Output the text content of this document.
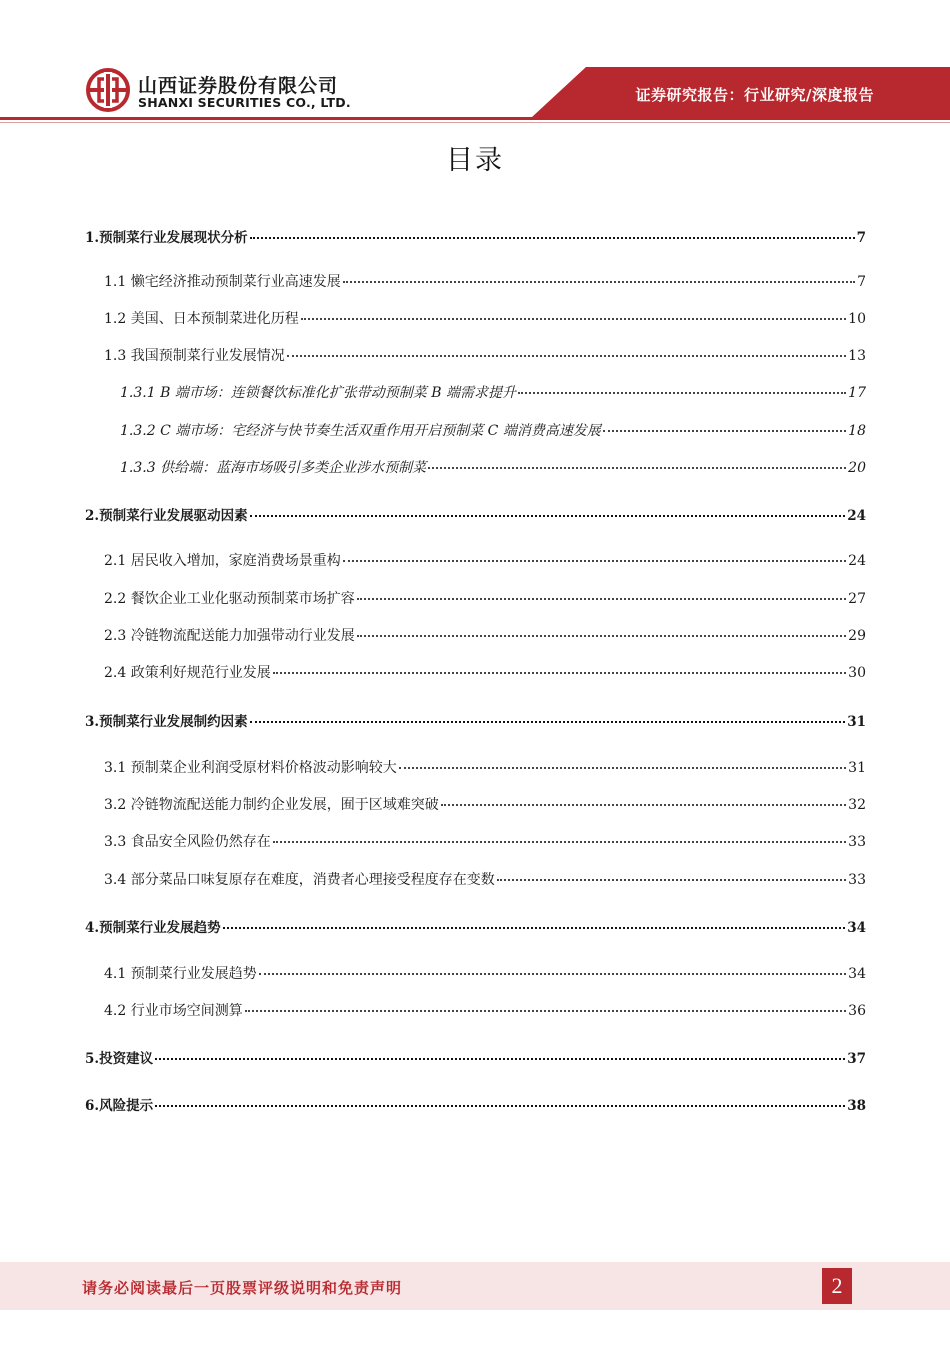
山西证券股份有限公司
SHANXI SECURITIES CO., LTD.	证券研究报告：行业研究/深度报告
目录
1.预制菜行业发展现状分析	7
1.1 懒宅经济推动预制菜行业高速发展	7
1.2 美国、日本预制菜进化历程	10
1.3 我国预制菜行业发展情况	13
1.3.1 B 端市场：连锁餐饮标准化扩张带动预制菜 B 端需求提升	17
1.3.2 C 端市场：宅经济与快节奏生活双重作用开启预制菜 C 端消费高速发展	18
1.3.3 供给端：蓝海市场吸引多类企业涉水预制菜	20
2.预制菜行业发展驱动因素	24
2.1 居民收入增加，家庭消费场景重构	24
2.2 餐饮企业工业化驱动预制菜市场扩容	27
2.3 冷链物流配送能力加强带动行业发展	29
2.4 政策利好规范行业发展	30
3.预制菜行业发展制约因素	31
3.1 预制菜企业利润受原材料价格波动影响较大	31
3.2 冷链物流配送能力制约企业发展，囿于区域难突破	32
3.3 食品安全风险仍然存在	33
3.4 部分菜品口味复原存在难度，消费者心理接受程度存在变数	33
4.预制菜行业发展趋势	34
4.1 预制菜行业发展趋势	34
4.2 行业市场空间测算	36
5.投资建议	37
6.风险提示	38
请务必阅读最后一页股票评级说明和免责声明	2
